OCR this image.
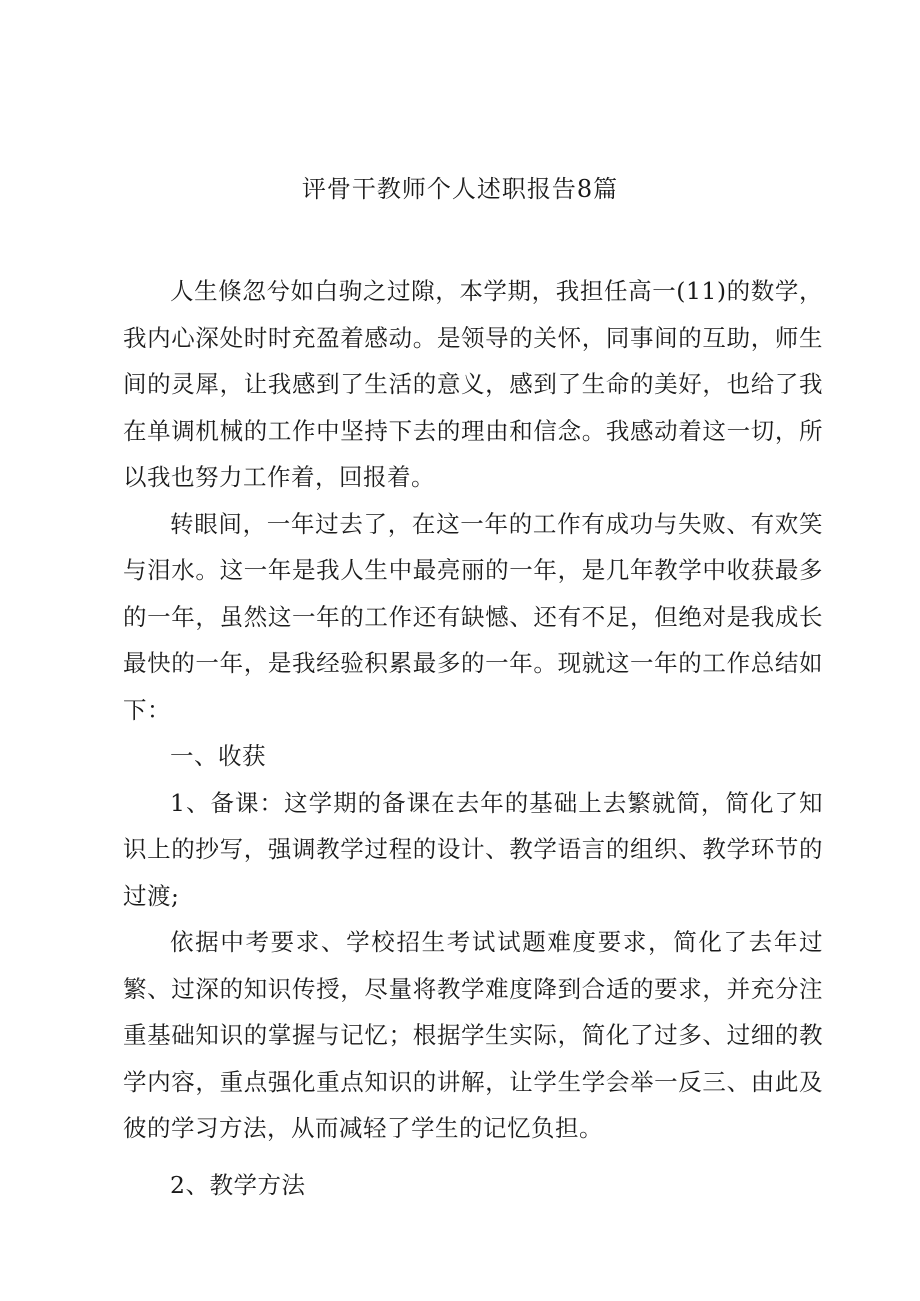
评骨干教师个人述职报告8篇

人生倏忽兮如白驹之过隙，本学期，我担任高一(11)的数学，我内心深处时时充盈着感动。是领导的关怀，同事间的互助，师生间的灵犀，让我感到了生活的意义，感到了生命的美好，也给了我在单调机械的工作中坚持下去的理由和信念。我感动着这一切，所以我也努力工作着，回报着。

转眼间，一年过去了，在这一年的工作有成功与失败、有欢笑与泪水。这一年是我人生中最亮丽的一年，是几年教学中收获最多的一年，虽然这一年的工作还有缺憾、还有不足，但绝对是我成长最快的一年，是我经验积累最多的一年。现就这一年的工作总结如下：

一、收获

1、备课：这学期的备课在去年的基础上去繁就简，简化了知识上的抄写，强调教学过程的设计、教学语言的组织、教学环节的过渡;

依据中考要求、学校招生考试试题难度要求，简化了去年过繁、过深的知识传授，尽量将教学难度降到合适的要求，并充分注重基础知识的掌握与记忆；根据学生实际，简化了过多、过细的教学内容，重点强化重点知识的讲解，让学生学会举一反三、由此及彼的学习方法，从而减轻了学生的记忆负担。

2、教学方法
